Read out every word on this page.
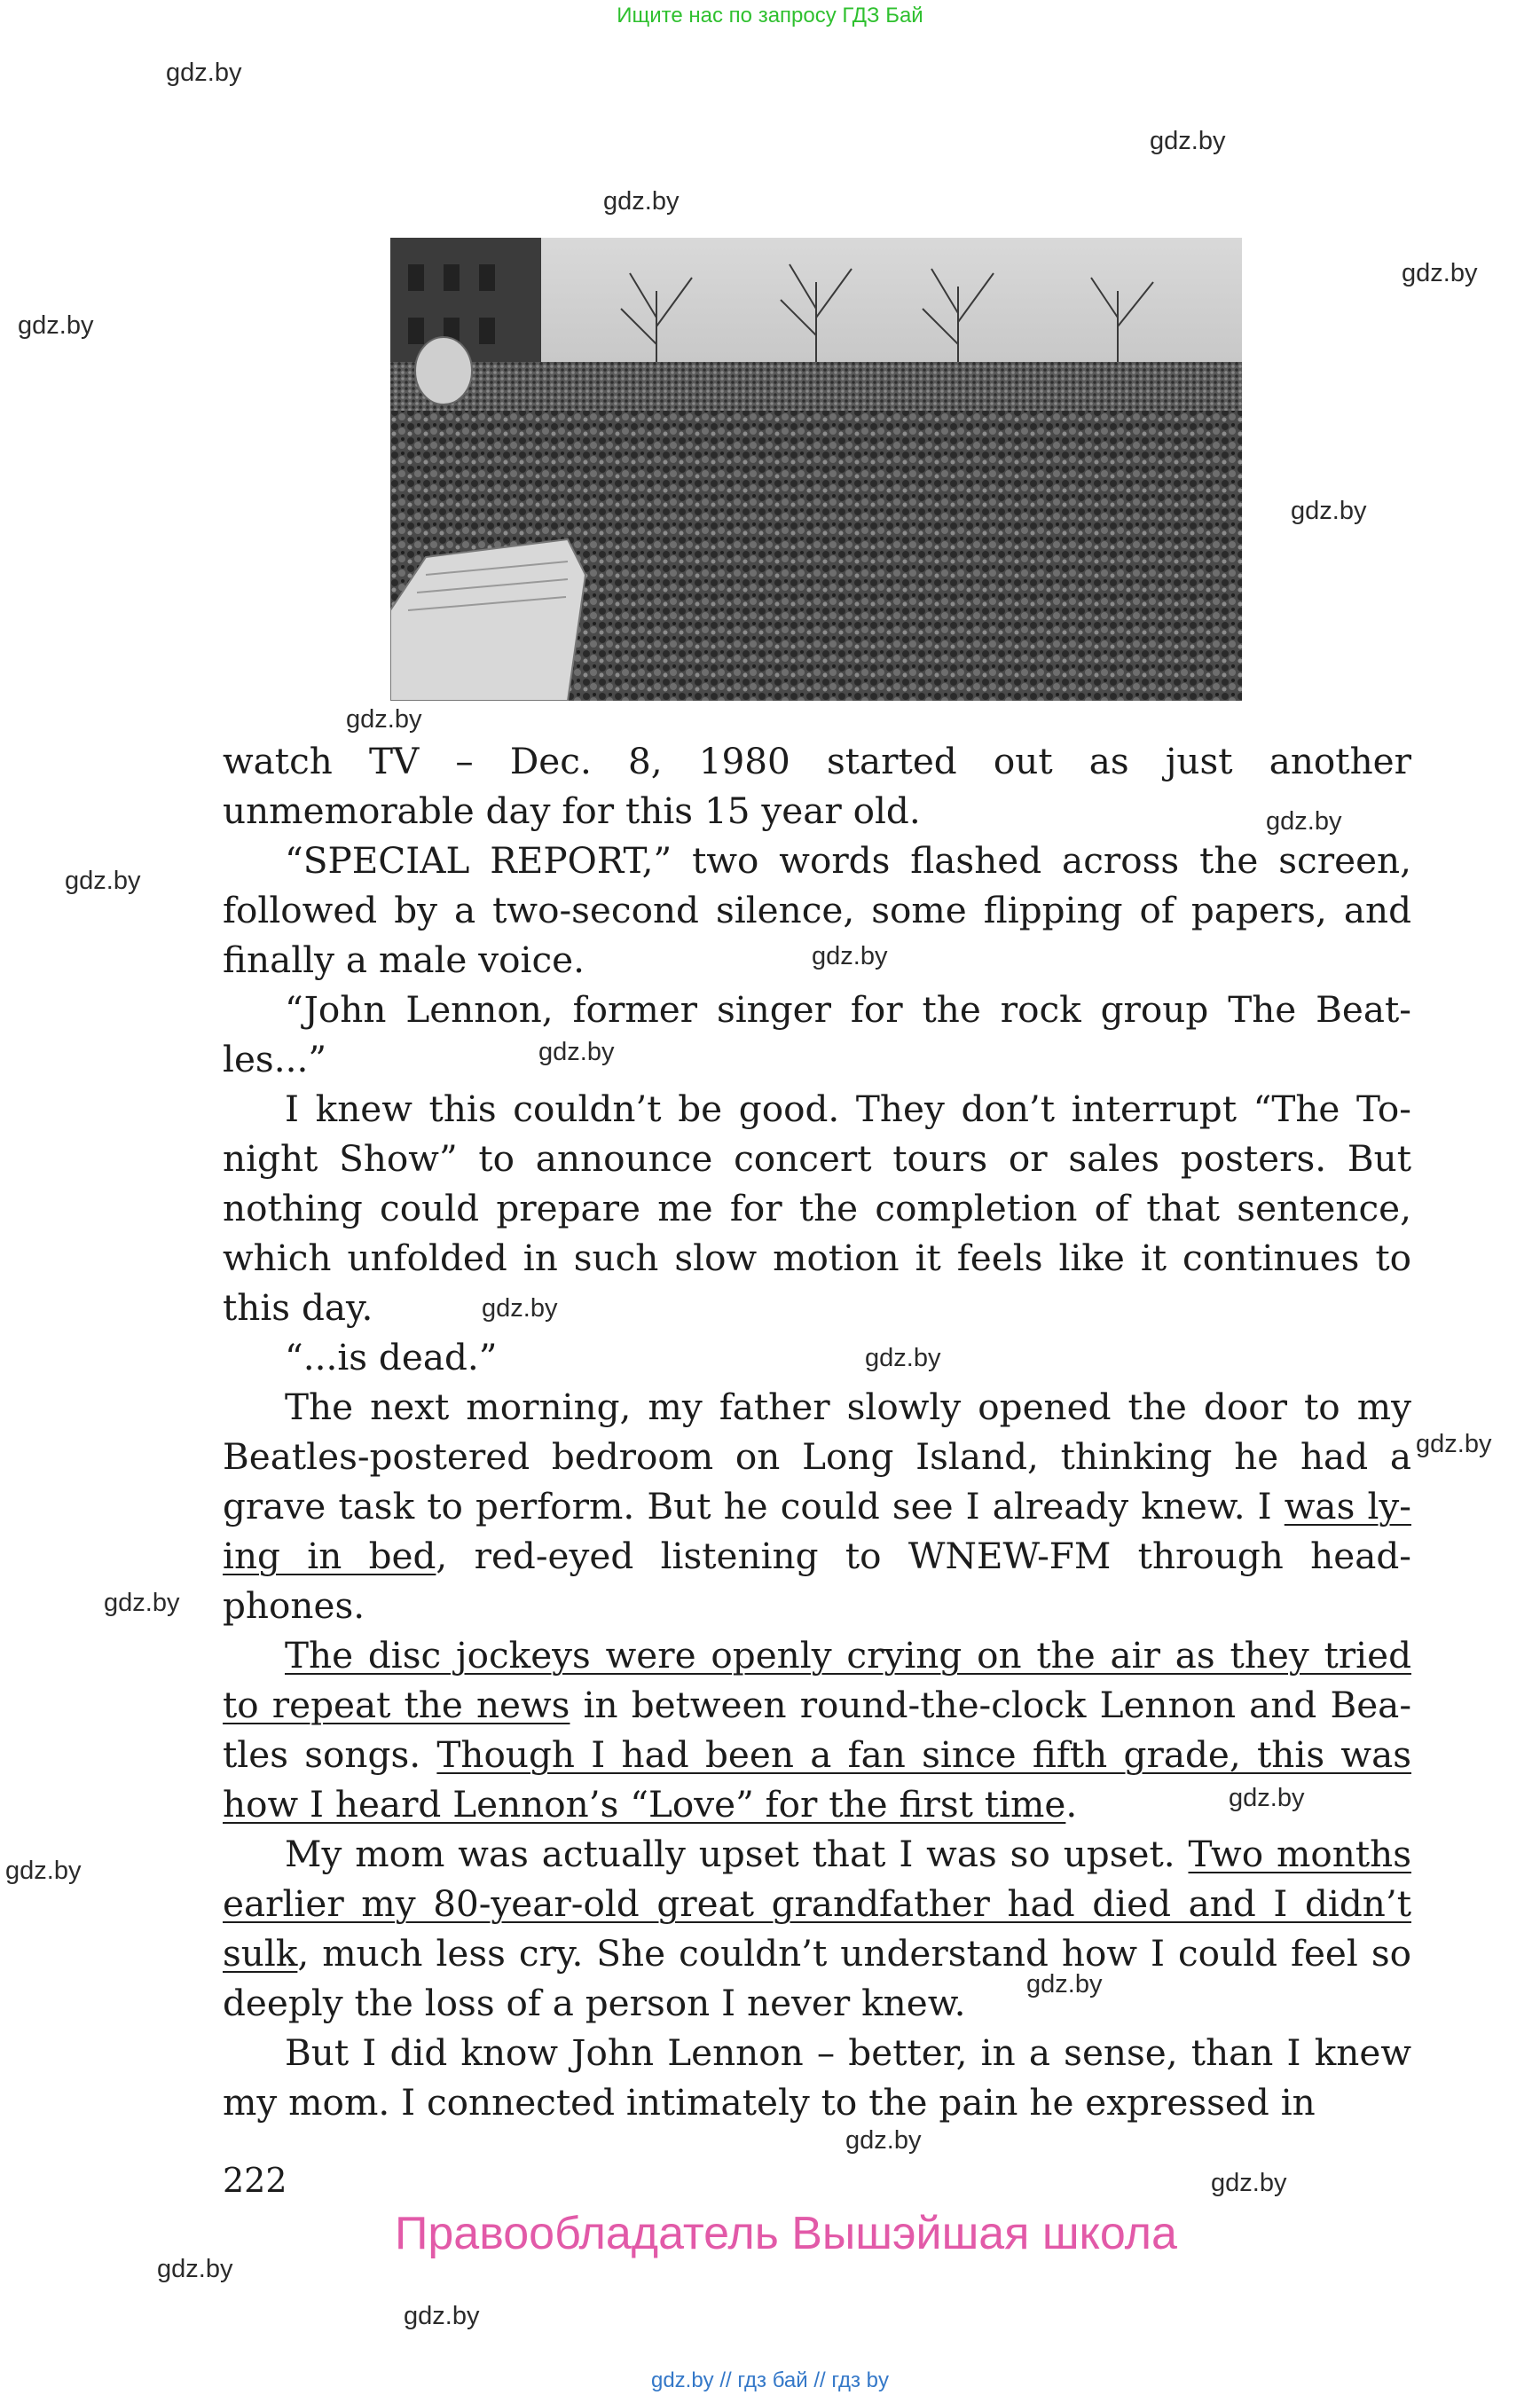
Ищите нас по запросу ГДЗ Бай
gdz.by
gdz.by
gdz.by
gdz.by
gdz.by
gdz.by
gdz.by
gdz.by
gdz.by
gdz.by
gdz.by
gdz.by
gdz.by
gdz.by
gdz.by
gdz.by
gdz.by
gdz.by
gdz.by
gdz.by
gdz.by
gdz.by

watch TV – Dec. 8, 1980 started out as just another unmemorable day for this 15 year old.

“SPECIAL REPORT,” two words flashed across the screen, followed by a two-second silence, some flipping of papers, and finally a male voice.

“John Lennon, former singer for the rock group The Beat-les...”

I knew this couldn’t be good. They don’t interrupt “The To-night Show” to announce concert tours or sales posters. But nothing could prepare me for the completion of that sentence, which unfolded in such slow motion it feels like it continues to this day.

“...is dead.”

The next morning, my father slowly opened the door to my Beatles-postered bedroom on Long Island, thinking he had a grave task to perform. But he could see I already knew. I was ly-ing in bed, red-eyed listening to WNEW-FM through head-phones.

The disc jockeys were openly crying on the air as they tried to repeat the news in between round-the-clock Lennon and Bea-tles songs. Though I had been a fan since fifth grade, this was how I heard Lennon’s “Love” for the first time.

My mom was actually upset that I was so upset. Two months earlier my 80-year-old great grandfather had died and I didn’t sulk, much less cry. She couldn’t understand how I could feel so deeply the loss of a person I never knew.

But I did know John Lennon – better, in a sense, than I knew my mom. I connected intimately to the pain he expressed in

222
Правообладатель Вышэйшая школа
gdz.by // гдз бай // гдз by
